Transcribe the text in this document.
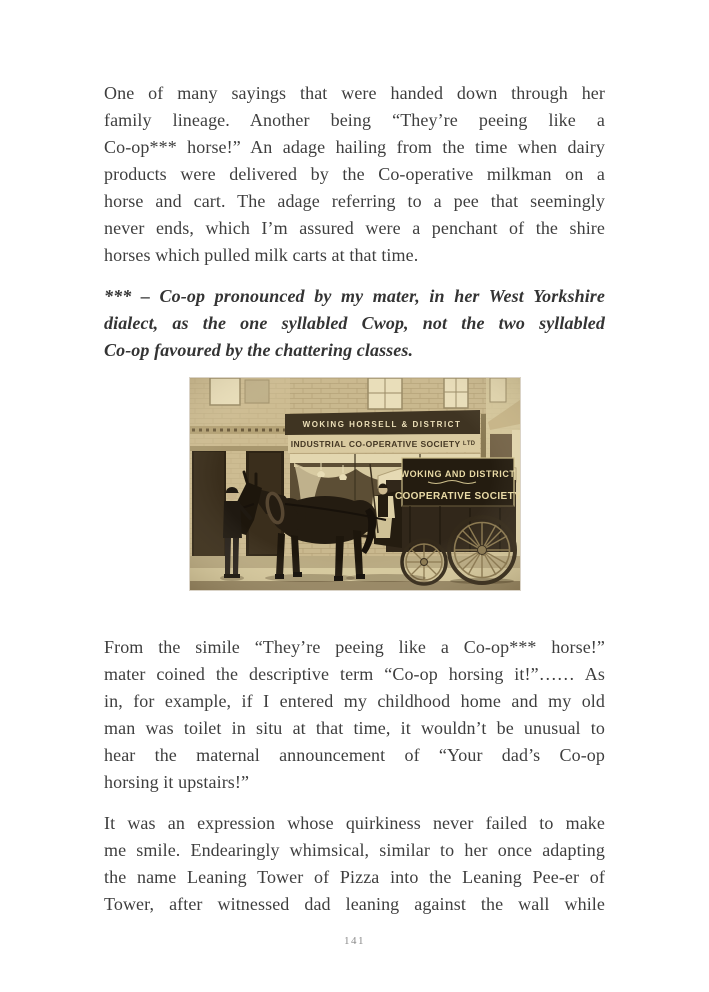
One of many sayings that were handed down through her
family lineage. Another being “They’re peeing like a
Co-op*** horse!” An adage hailing from the time when dairy
products were delivered by the Co-operative milkman on a
horse and cart. The adage referring to a pee that seemingly
never ends, which I’m assured were a penchant of the shire
horses which pulled milk carts at that time.
*** – Co-op pronounced by my mater, in her West Yorkshire
dialect, as the one syllabled Cwop, not the two syllabled
Co-op favoured by the chattering classes.
From the simile “They’re peeing like a Co-op*** horse!”
mater coined the descriptive term “Co-op horsing it!”…… As
in, for example, if I entered my childhood home and my old
man was toilet in situ at that time, it wouldn’t be unusual to
hear the maternal announcement of “Your dad’s Co-op
horsing it upstairs!”
It was an expression whose quirkiness never failed to make
me smile. Endearingly whimsical, similar to her once adapting
the name Leaning Tower of Pizza into the Leaning Pee-er of
Tower, after witnessed dad leaning against the wall while
141
